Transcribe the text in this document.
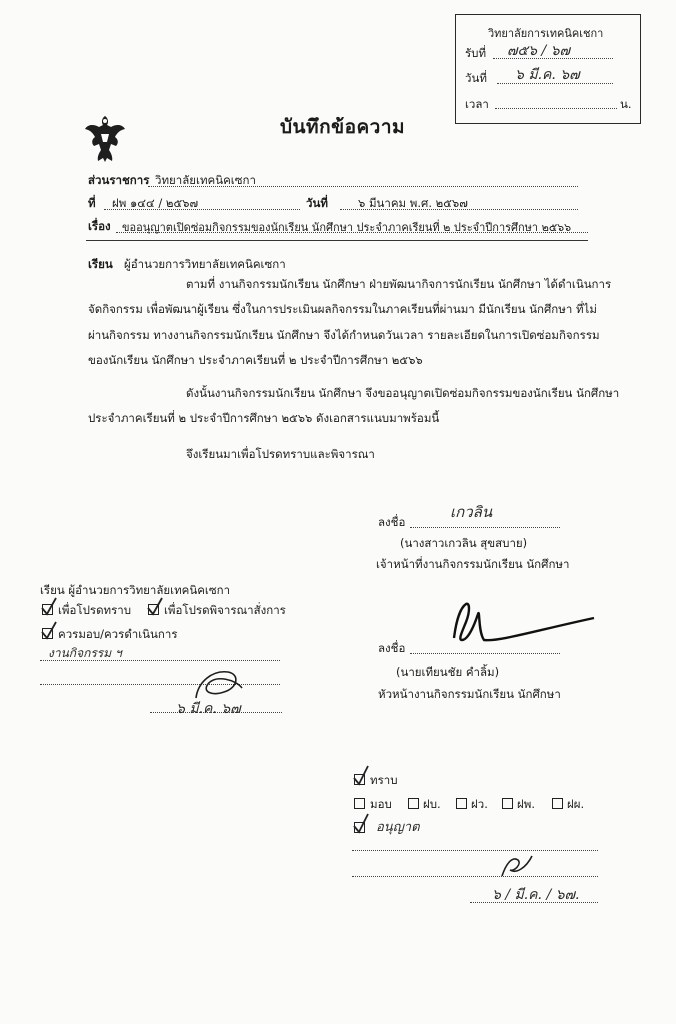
วิทยาลัยการเทคนิคเชกา
รับที่ ๗๕๖ / ๖๗
วันที่ ๖ มี.ค. ๖๗
เวลา	น.
บันทึกข้อความ
ส่วนราชการ วิทยาลัยเทคนิคเซกา
ที่ ฝพ ๑๔๔ / ๒๕๖๗	วันที่	๖ มีนาคม พ.ศ. ๒๕๖๗
เรื่อง ขออนุญาตเปิดซ่อมกิจกรรมของนักเรียน นักศึกษา ประจำภาคเรียนที่ ๒ ประจำปีการศึกษา ๒๕๖๖
เรียน ผู้อำนวยการวิทยาลัยเทคนิคเซกา
ตามที่ งานกิจกรรมนักเรียน นักศึกษา ฝ่ายพัฒนากิจการนักเรียน นักศึกษา ได้ดำเนินการ
จัดกิจกรรม เพื่อพัฒนาผู้เรียน ซึ่งในการประเมินผลกิจกรรมในภาคเรียนที่ผ่านมา มีนักเรียน นักศึกษา ที่ไม่
ผ่านกิจกรรม ทางงานกิจกรรมนักเรียน นักศึกษา จึงได้กำหนดวันเวลา รายละเอียดในการเปิดซ่อมกิจกรรม
ของนักเรียน นักศึกษา ประจำภาคเรียนที่ ๒ ประจำปีการศึกษา ๒๕๖๖
ดังนั้นงานกิจกรรมนักเรียน นักศึกษา จึงขออนุญาตเปิดซ่อมกิจกรรมของนักเรียน นักศึกษา
ประจำภาคเรียนที่ ๒ ประจำปีการศึกษา ๒๕๖๖ ดังเอกสารแนบมาพร้อมนี้
จึงเรียนมาเพื่อโปรดทราบและพิจารณา
ลงชื่อ
เกวลิน
(นางสาวเกวลิน สุขสบาย)
เจ้าหน้าที่งานกิจกรรมนักเรียน นักศึกษา
เรียน ผู้อำนวยการวิทยาลัยเทคนิคเซกา
เพื่อโปรดทราบ	เพื่อโปรดพิจารณาสั่งการ
ควรมอบ/ควรดำเนินการ
งานกิจกรรม ฯ
๖ มี.ค. ๖๗
ลงชื่อ
(นายเทียนชัย คำลิ้ม)
หัวหน้างานกิจกรรมนักเรียน นักศึกษา
ทราบ
มอบ	ฝบ.	ฝว.	ฝพ.	ฝผ.
อนุญาต
๖ / มี.ค. / ๖๗.
